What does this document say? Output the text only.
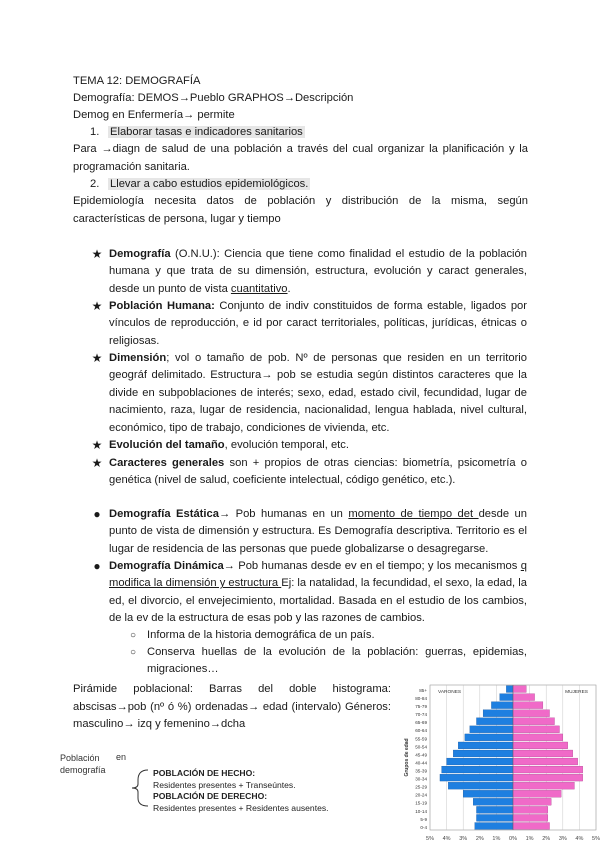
TEMA 12: DEMOGRAFÍA
Demografía: DEMOS→Pueblo GRAPHOS→Descripción
Demog en Enfermería→ permite
1. Elaborar tasas e indicadores sanitarios
Para →diagn de salud de una población a través del cual organizar la planificación y la programación sanitaria.
2. Llevar a cabo estudios epidemiológicos.
Epidemiología necesita datos de población y distribución de la misma, según características de persona, lugar y tiempo
★ Demografía (O.N.U.): Ciencia que tiene como finalidad el estudio de la población humana y que trata de su dimensión, estructura, evolución y caract generales, desde un punto de vista cuantitativo.
★ Población Humana: Conjunto de indiv constituidos de forma estable, ligados por vínculos de reproducción, e id por caract territoriales, políticas, jurídicas, étnicas o religiosas.
★ Dimensión; vol o tamaño de pob. Nº de personas que residen en un territorio geográf delimitado. Estructura→ pob se estudia según distintos caracteres que la divide en subpoblaciones de interés; sexo, edad, estado civil, fecundidad, lugar de nacimiento, raza, lugar de residencia, nacionalidad, lengua hablada, nivel cultural, económico, tipo de trabajo, condiciones de vivienda, etc.
★ Evolución del tamaño, evolución temporal, etc.
★ Caracteres generales son + propios de otras ciencias: biometría, psicometría o genética (nivel de salud, coeficiente intelectual, código genético, etc.).
● Demografía Estática→ Pob humanas en un momento de tiempo det desde un punto de vista de dimensión y estructura. Es Demografía descriptiva. Territorio es el lugar de residencia de las personas que puede globalizarse o desagregarse.
● Demografía Dinámica→ Pob humanas desde ev en el tiempo; y los mecanismos q modifica la dimensión y estructura Ej: la natalidad, la fecundidad, el sexo, la edad, la ed, el divorcio, el envejecimiento, mortalidad. Basada en el estudio de los cambios, de la ev de la estructura de esas pob y las razones de cambios.
○ Informa de la historia demográfica de un país.
○ Conserva huellas de la evolución de la población: guerras, epidemias, migraciones…
Pirámide poblacional: Barras del doble histograma: abscisas→pob (nº ó %) ordenadas→ edad (intervalo) Géneros: masculino→ izq y femenino→dcha
Población
demografía
en
POBLACIÓN DE HECHO:
Residentes presentes + Transeúntes.
POBLACIÓN DE DERECHO:
Residentes presentes + Residentes ausentes.
5% 4% 3% 2% 1% 0% 1% 2% 3% 4% 5%
0-4
5-9
10-14
15-19
20-24
25-29
30-34
35-39
40-44
45-49
50-54
55-59
60-64
65-69
70-74
75-79
80-84
85+ VARONES	MUJERES
Grupos de edad
